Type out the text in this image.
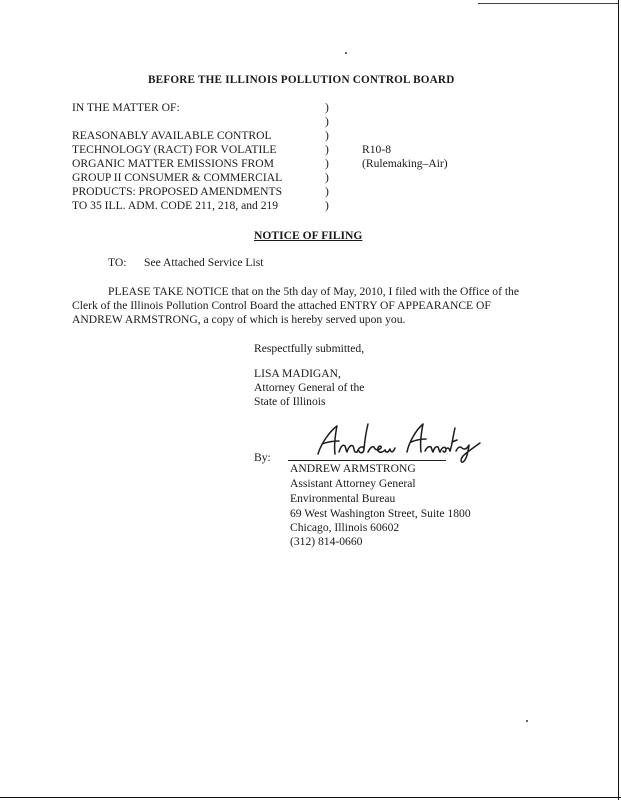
BEFORE THE ILLINOIS POLLUTION CONTROL BOARD
IN THE MATTER OF:
REASONABLY AVAILABLE CONTROL
TECHNOLOGY (RACT) FOR VOLATILE
ORGANIC MATTER EMISSIONS FROM
GROUP II CONSUMER & COMMERCIAL
PRODUCTS: PROPOSED AMENDMENTS
TO 35 ILL. ADM. CODE 211, 218, and 219
)
)
)
)
)
)
)
)
R10-8
(Rulemaking–Air)
NOTICE OF FILING
TO: See Attached Service List
PLEASE TAKE NOTICE that on the 5th day of May, 2010, I filed with the Office of the
Clerk of the Illinois Pollution Control Board the attached ENTRY OF APPEARANCE OF
ANDREW ARMSTRONG, a copy of which is hereby served upon you.
Respectfully submitted,
LISA MADIGAN,
Attorney General of the
State of Illinois
By:
ANDREW ARMSTRONG
Assistant Attorney General
Environmental Bureau
69 West Washington Street, Suite 1800
Chicago, Illinois 60602
(312) 814-0660
